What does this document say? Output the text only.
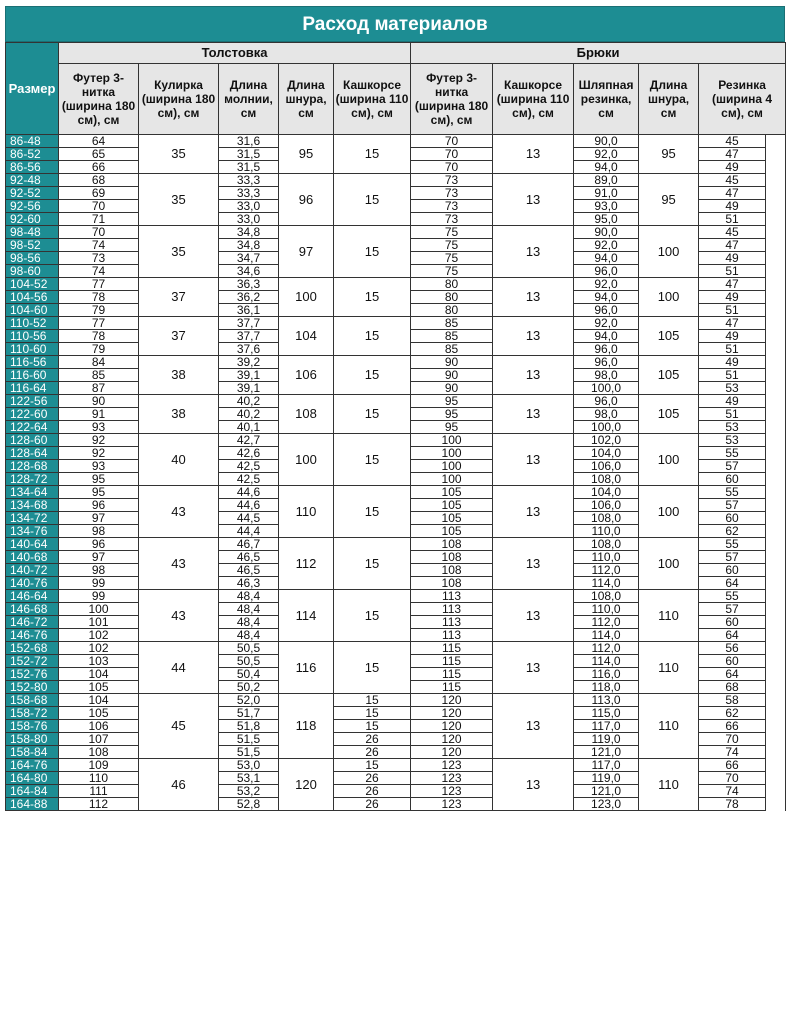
Расход материалов
Размер	Толстовка					Брюки					
	Футер 3-нитка (ширина 180 см), см	Кулирка (ширина 180 см), см	Длина молнии, см	Длина шнура, см	Кашкорсе (ширина 110 см), см	Футер 3-нитка (ширина 180 см), см	Кашкорсе (ширина 110 см), см	Шляпная резинка, см	Длина шнура, см	Резинка (ширина 4 см), см	
86-48	64	35	31,6	95	15	70	13	90,0	95	45	
86-52	65		31,5			70		92,0		47	
86-56	66		31,5			70		94,0		49	
92-48	68	35	33,3	96	15	73	13	89,0	95	45	
92-52	69		33,3			73		91,0		47	
92-56	70		33,0			73		93,0		49	
92-60	71		33,0			73		95,0		51	
98-48	70	35	34,8	97	15	75	13	90,0	100	45	
98-52	74		34,8			75		92,0		47	
98-56	73		34,7			75		94,0		49	
98-60	74		34,6			75		96,0		51	
104-52	77	37	36,3	100	15	80	13	92,0	100	47	
104-56	78		36,2			80		94,0		49	
104-60	79		36,1			80		96,0		51	
110-52	77	37	37,7	104	15	85	13	92,0	105	47	
110-56	78		37,7			85		94,0		49	
110-60	79		37,6			85		96,0		51	
116-56	84	38	39,2	106	15	90	13	96,0	105	49	
116-60	85		39,1			90		98,0		51	
116-64	87		39,1			90		100,0		53	
122-56	90	38	40,2	108	15	95	13	96,0	105	49	
122-60	91		40,2			95		98,0		51	
122-64	93		40,1			95		100,0		53	
128-60	92	40	42,7	100	15	100	13	102,0	100	53	
128-64	92		42,6			100		104,0		55	
128-68	93		42,5			100		106,0		57	
128-72	95		42,5			100		108,0		60	
134-64	95	43	44,6	110	15	105	13	104,0	100	55	
134-68	96		44,6			105		106,0		57	
134-72	97		44,5			105		108,0		60	
134-76	98		44,4			105		110,0		62	
140-64	96	43	46,7	112	15	108	13	108,0	100	55	
140-68	97		46,5			108		110,0		57	
140-72	98		46,5			108		112,0		60	
140-76	99		46,3			108		114,0		64	
146-64	99	43	48,4	114	15	113	13	108,0	110	55	
146-68	100		48,4			113		110,0		57	
146-72	101		48,4			113		112,0		60	
146-76	102		48,4			113		114,0		64	
152-68	102	44	50,5	116	15	115	13	112,0	110	56	
152-72	103		50,5			115		114,0		60	
152-76	104		50,4			115		116,0		64	
152-80	105		50,2			115		118,0		68	
158-68	104	45	52,0	118	15	120	13	113,0	110	58	
158-72	105		51,7		15	120		115,0		62	
158-76	106		51,8		15	120		117,0		66	
158-80	107		51,5		26	120		119,0		70	
158-84	108		51,5		26	120		121,0		74	
164-76	109	46	53,0	120	15	123	13	117,0	110	66	
164-80	110		53,1		26	123		119,0		70	
164-84	111		53,2		26	123		121,0		74	
164-88	112		52,8		26	123		123,0		78	
